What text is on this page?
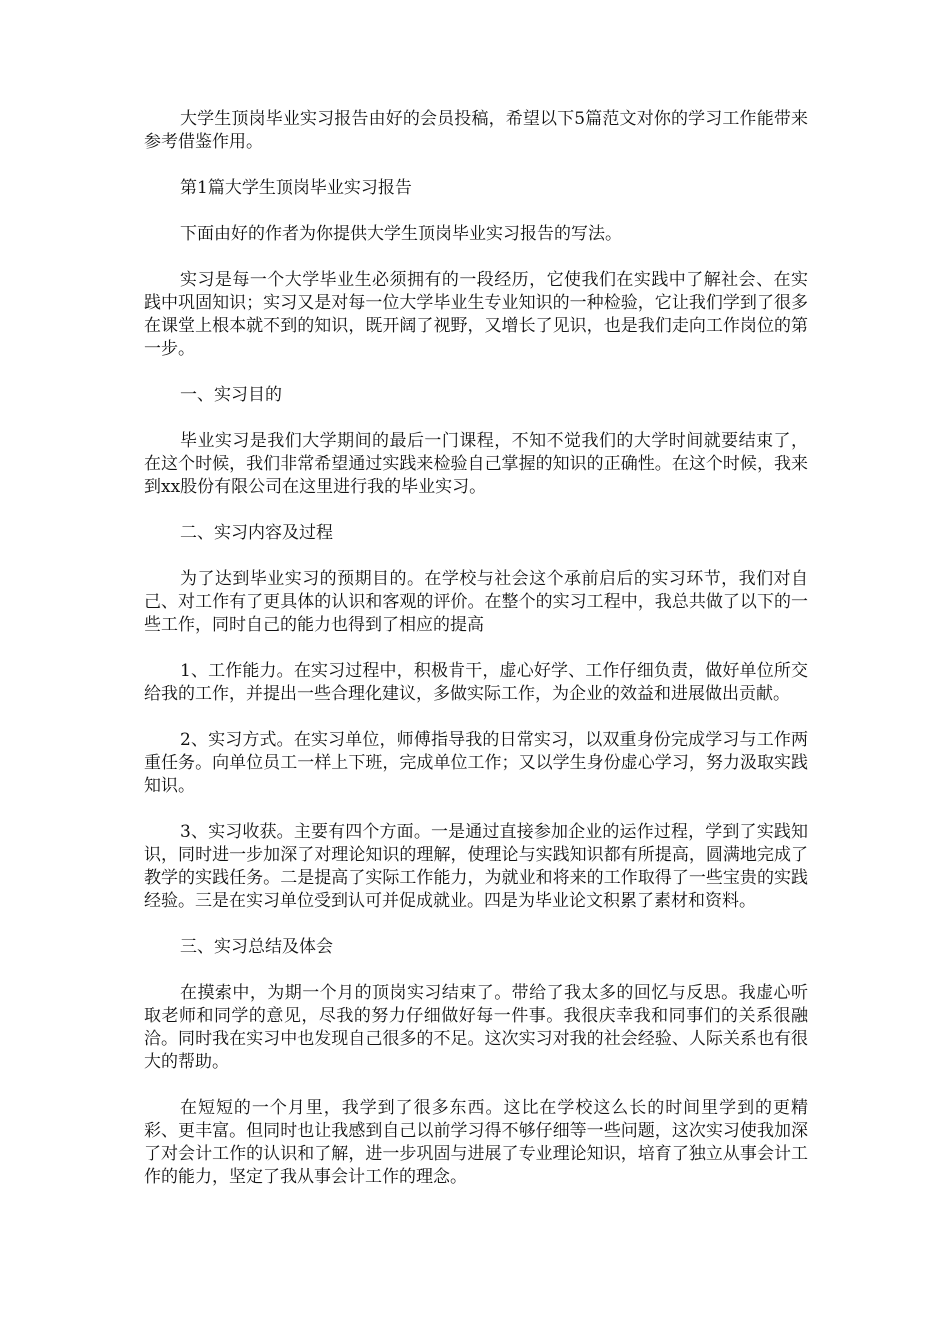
大学生顶岗毕业实习报告由好的会员投稿，希望以下5篇范文对你的学习工作能带来参考借鉴作用。

第1篇大学生顶岗毕业实习报告

下面由好的作者为你提供大学生顶岗毕业实习报告的写法。

实习是每一个大学毕业生必须拥有的一段经历，它使我们在实践中了解社会、在实践中巩固知识；实习又是对每一位大学毕业生专业知识的一种检验，它让我们学到了很多在课堂上根本就不到的知识，既开阔了视野，又增长了见识，也是我们走向工作岗位的第一步。

一、实习目的

毕业实习是我们大学期间的最后一门课程，不知不觉我们的大学时间就要结束了，在这个时候，我们非常希望通过实践来检验自己掌握的知识的正确性。在这个时候，我来到xx股份有限公司在这里进行我的毕业实习。

二、实习内容及过程

为了达到毕业实习的预期目的。在学校与社会这个承前启后的实习环节，我们对自己、对工作有了更具体的认识和客观的评价。在整个的实习工程中，我总共做了以下的一些工作，同时自己的能力也得到了相应的提高

1、工作能力。在实习过程中，积极肯干，虚心好学、工作仔细负责，做好单位所交给我的工作，并提出一些合理化建议，多做实际工作，为企业的效益和进展做出贡献。

2、实习方式。在实习单位，师傅指导我的日常实习，以双重身份完成学习与工作两重任务。向单位员工一样上下班，完成单位工作；又以学生身份虚心学习，努力汲取实践知识。

3、实习收获。主要有四个方面。一是通过直接参加企业的运作过程，学到了实践知识，同时进一步加深了对理论知识的理解，使理论与实践知识都有所提高，圆满地完成了教学的实践任务。二是提高了实际工作能力，为就业和将来的工作取得了一些宝贵的实践经验。三是在实习单位受到认可并促成就业。四是为毕业论文积累了素材和资料。

三、实习总结及体会

在摸索中，为期一个月的顶岗实习结束了。带给了我太多的回忆与反思。我虚心听取老师和同学的意见，尽我的努力仔细做好每一件事。我很庆幸我和同事们的关系很融洽。同时我在实习中也发现自己很多的不足。这次实习对我的社会经验、人际关系也有很大的帮助。

在短短的一个月里，我学到了很多东西。这比在学校这么长的时间里学到的更精彩、更丰富。但同时也让我感到自己以前学习得不够仔细等一些问题，这次实习使我加深了对会计工作的认识和了解，进一步巩固与进展了专业理论知识，培育了独立从事会计工作的能力，坚定了我从事会计工作的理念。
